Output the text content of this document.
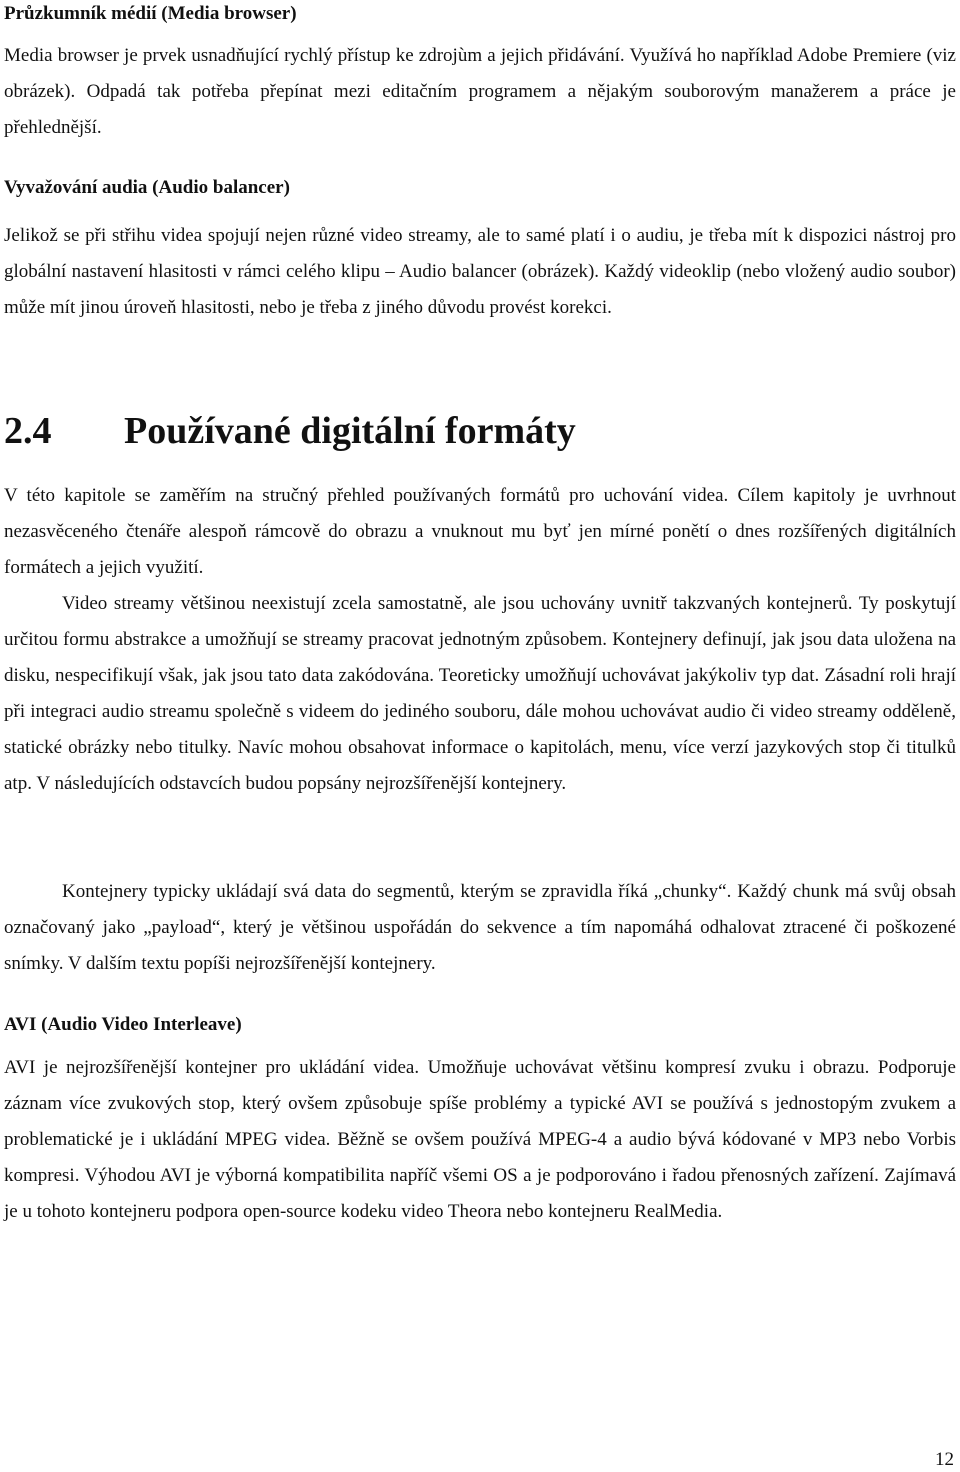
Průzkumník médií (Media browser)
Media browser je prvek usnadňující rychlý přístup ke zdrojùm a jejich přidávání. Využívá ho například Adobe Premiere (viz obrázek). Odpadá tak potřeba přepínat mezi editačním programem a nějakým souborovým manažerem a práce je přehlednější.
Vyvažování audia (Audio balancer)
Jelikož se při střihu videa spojují nejen různé video streamy, ale to samé platí i o audiu, je třeba mít k dispozici nástroj pro globální nastavení hlasitosti v rámci celého klipu – Audio balancer (obrázek). Každý videoklip (nebo vložený audio soubor) může mít jinou úroveň hlasitosti, nebo je třeba z jiného důvodu provést korekci.
2.4 Používané digitální formáty
V této kapitole se zaměřím na stručný přehled používaných formátů pro uchování videa. Cílem kapitoly je uvrhnout nezasvěceného čtenáře alespoň rámcově do obrazu a vnuknout mu byť jen mírné ponětí o dnes rozšířených digitálních formátech a jejich využití.
Video streamy většinou neexistují zcela samostatně, ale jsou uchovány uvnitř takzvaných kontejnerů. Ty poskytují určitou formu abstrakce a umožňují se streamy pracovat jednotným způsobem. Kontejnery definují, jak jsou data uložena na disku, nespecifikují však, jak jsou tato data zakódována. Teoreticky umožňují uchovávat jakýkoliv typ dat. Zásadní roli hrají při integraci audio streamu společně s videem do jediného souboru, dále mohou uchovávat audio či video streamy odděleně, statické obrázky nebo titulky. Navíc mohou obsahovat informace o kapitolách, menu, více verzí jazykových stop či titulků atp. V následujících odstavcích budou popsány nejrozšířenější kontejnery.
Kontejnery typicky ukládají svá data do segmentů, kterým se zpravidla říká „chunky“. Každý chunk má svůj obsah označovaný jako „payload“, který je většinou uspořádán do sekvence a tím napomáhá odhalovat ztracené či poškozené snímky. V dalším textu popíši nejrozšířenější kontejnery.
AVI (Audio Video Interleave)
AVI je nejrozšířenější kontejner pro ukládání videa. Umožňuje uchovávat většinu kompresí zvuku i obrazu. Podporuje záznam více zvukových stop, který ovšem způsobuje spíše problémy a typické AVI se používá s jednostopým zvukem a problematické je i ukládání MPEG videa. Běžně se ovšem používá MPEG-4 a audio bývá kódované v MP3 nebo Vorbis kompresi. Výhodou AVI je výborná kompatibilita napříč všemi OS a je podporováno i řadou přenosných zařízení. Zajímavá je u tohoto kontejneru podpora open-source kodeku video Theora nebo kontejneru RealMedia.
12
